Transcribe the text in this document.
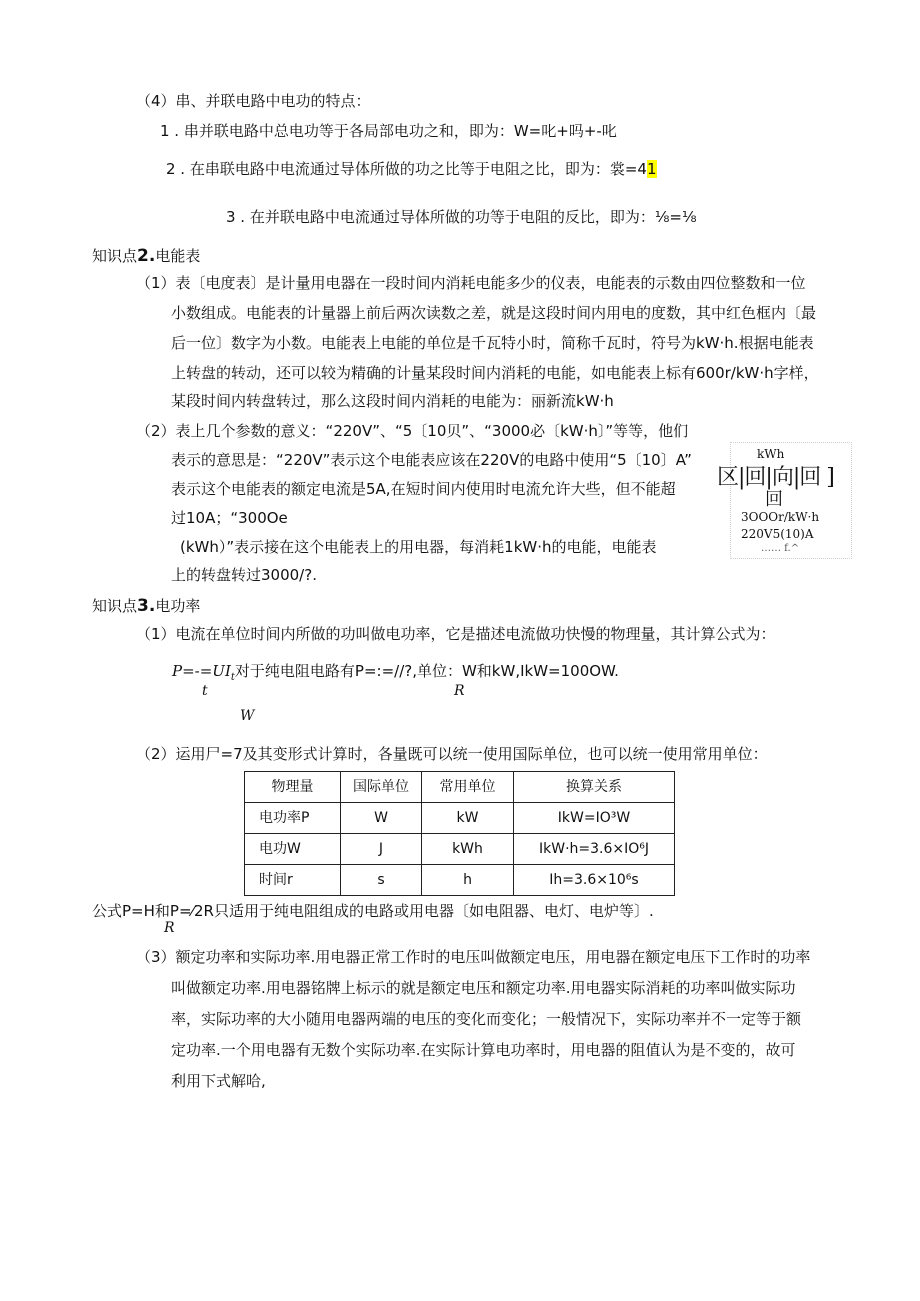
（4）串、并联电路中电功的特点：
1 . 串并联电路中总电功等于各局部电功之和，即为：W=叱+吗+-叱
2 . 在串联电路中电流通过导体所做的功之比等于电阻之比，即为：裳=41
3 . 在并联电路中电流通过导体所做的功等于电阻的反比，即为：⅛=⅛
知识点2.电能表
（1）表〔电度表〕是计量用电器在一段时间内消耗电能多少的仪表，电能表的示数由四位整数和一位
小数组成。电能表的计量器上前后两次读数之差，就是这段时间内用电的度数，其中红色框内〔最
后一位〕数字为小数。电能表上电能的单位是千瓦特小时，简称千瓦时，符号为kW·h.根据电能表
上转盘的转动，还可以较为精确的计量某段时间内消耗的电能，如电能表上标有600r/kW·h字样，
某段时间内转盘转过，那么这段时间内消耗的电能为：丽新流kW·h
（2）表上几个参数的意义：“220V”、“5〔10贝”、“3000必〔kW·h〕”等等，他们
表示的意思是：“220V”表示这个电能表应该在220V的电路中使用“5〔10〕A”
表示这个电能表的额定电流是5A,在短时间内使用时电流允许大些，但不能超
过10A；“300Oe
(kWh）”表示接在这个电能表上的用电器，每消耗1kW·h的电能，电能表
上的转盘转过3000/?.
kWh
区|回|向|回 ]
回
3OOOr/kW·h
220V5(10)A
…… f.^
知识点3.电功率
（1）电流在单位时间内所做的功叫做电功率，它是描述电流做功快慢的物理量，其计算公式为：
$P=-=UI_t$对于纯电阻电路有P=:=//?,单位：W和kW,IkW=100OW.
t	R
W
（2）运用尸=7及其变形式计算时，各量既可以统一使用国际单位，也可以统一使用常用单位：
物理量	国际单位	常用单位	换算关系
电功率P	W	kW	IkW=IO³W
电功W	J	kWh	IkW·h=3.6×IO⁶J
时间r	s	h	Ih=3.6×10⁶s
公式P=H和P=⁄2R只适用于纯电阻组成的电路或用电器〔如电阻器、电灯、电炉等〕.
R
（3）额定功率和实际功率.用电器正常工作时的电压叫做额定电压，用电器在额定电压下工作时的功率
叫做额定功率.用电器铭牌上标示的就是额定电压和额定功率.用电器实际消耗的功率叫做实际功
率，实际功率的大小随用电器两端的电压的变化而变化；一般情况下，实际功率并不一定等于额
定功率.一个用电器有无数个实际功率.在实际计算电功率时，用电器的阻值认为是不变的，故可
利用下式解哈,
